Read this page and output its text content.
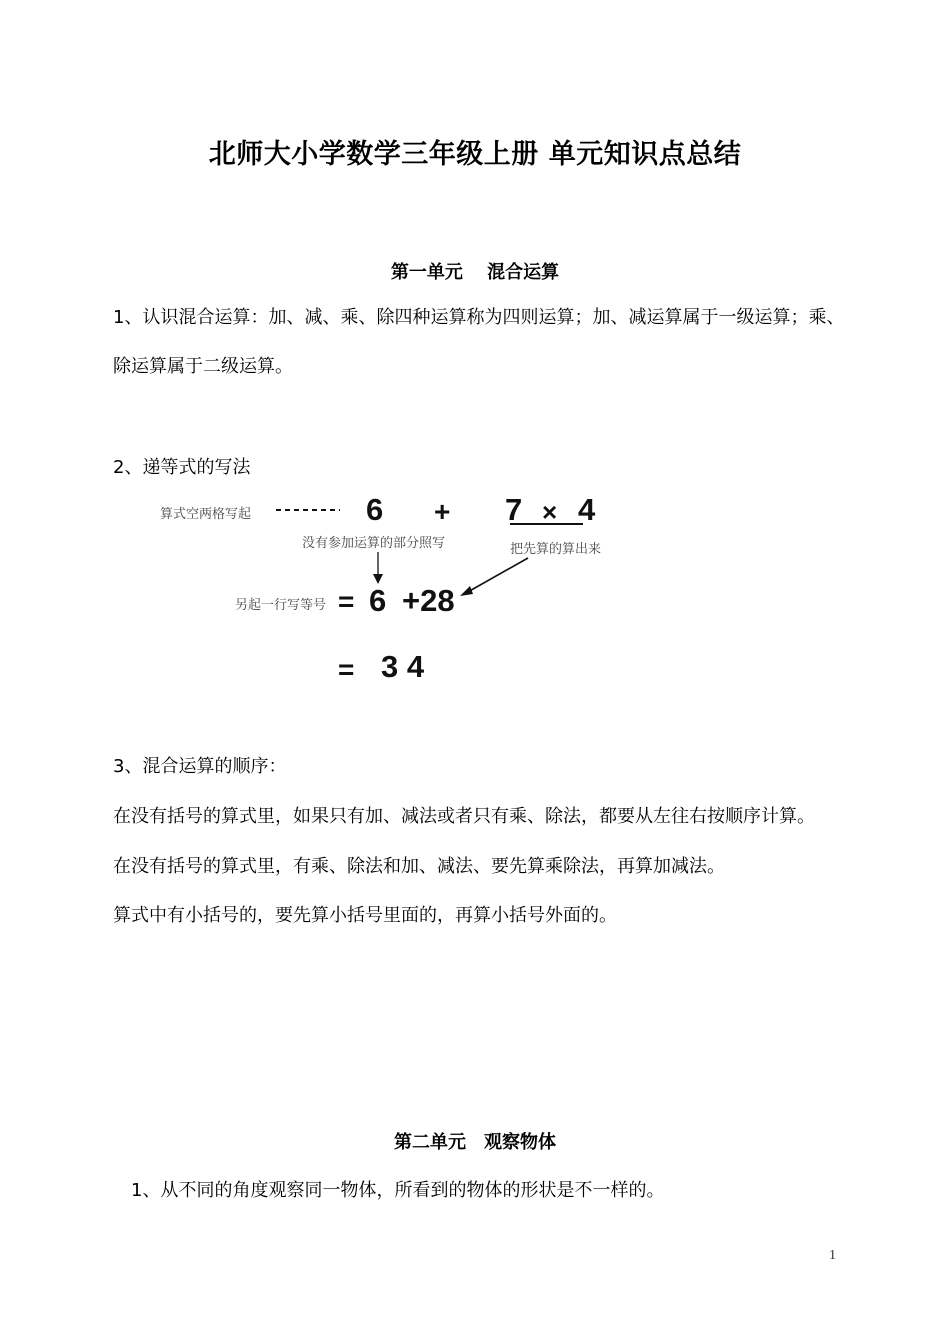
北师大小学数学三年级上册 单元知识点总结
第一单元　 混合运算
1、认识混合运算：加、减、乘、除四种运算称为四则运算；加、减运算属于一级运算；乘、
除运算属于二级运算。
2、递等式的写法
算式空两格写起	6 + 7 × 4
没有参加运算的部分照写	把先算的算出来
另起一行写等号 = 6 +28
= 3 4
3、混合运算的顺序：
在没有括号的算式里，如果只有加、减法或者只有乘、除法，都要从左往右按顺序计算。
在没有括号的算式里，有乘、除法和加、减法、要先算乘除法，再算加减法。
算式中有小括号的，要先算小括号里面的，再算小括号外面的。
第二单元　观察物体
1、从不同的角度观察同一物体，所看到的物体的形状是不一样的。
1
